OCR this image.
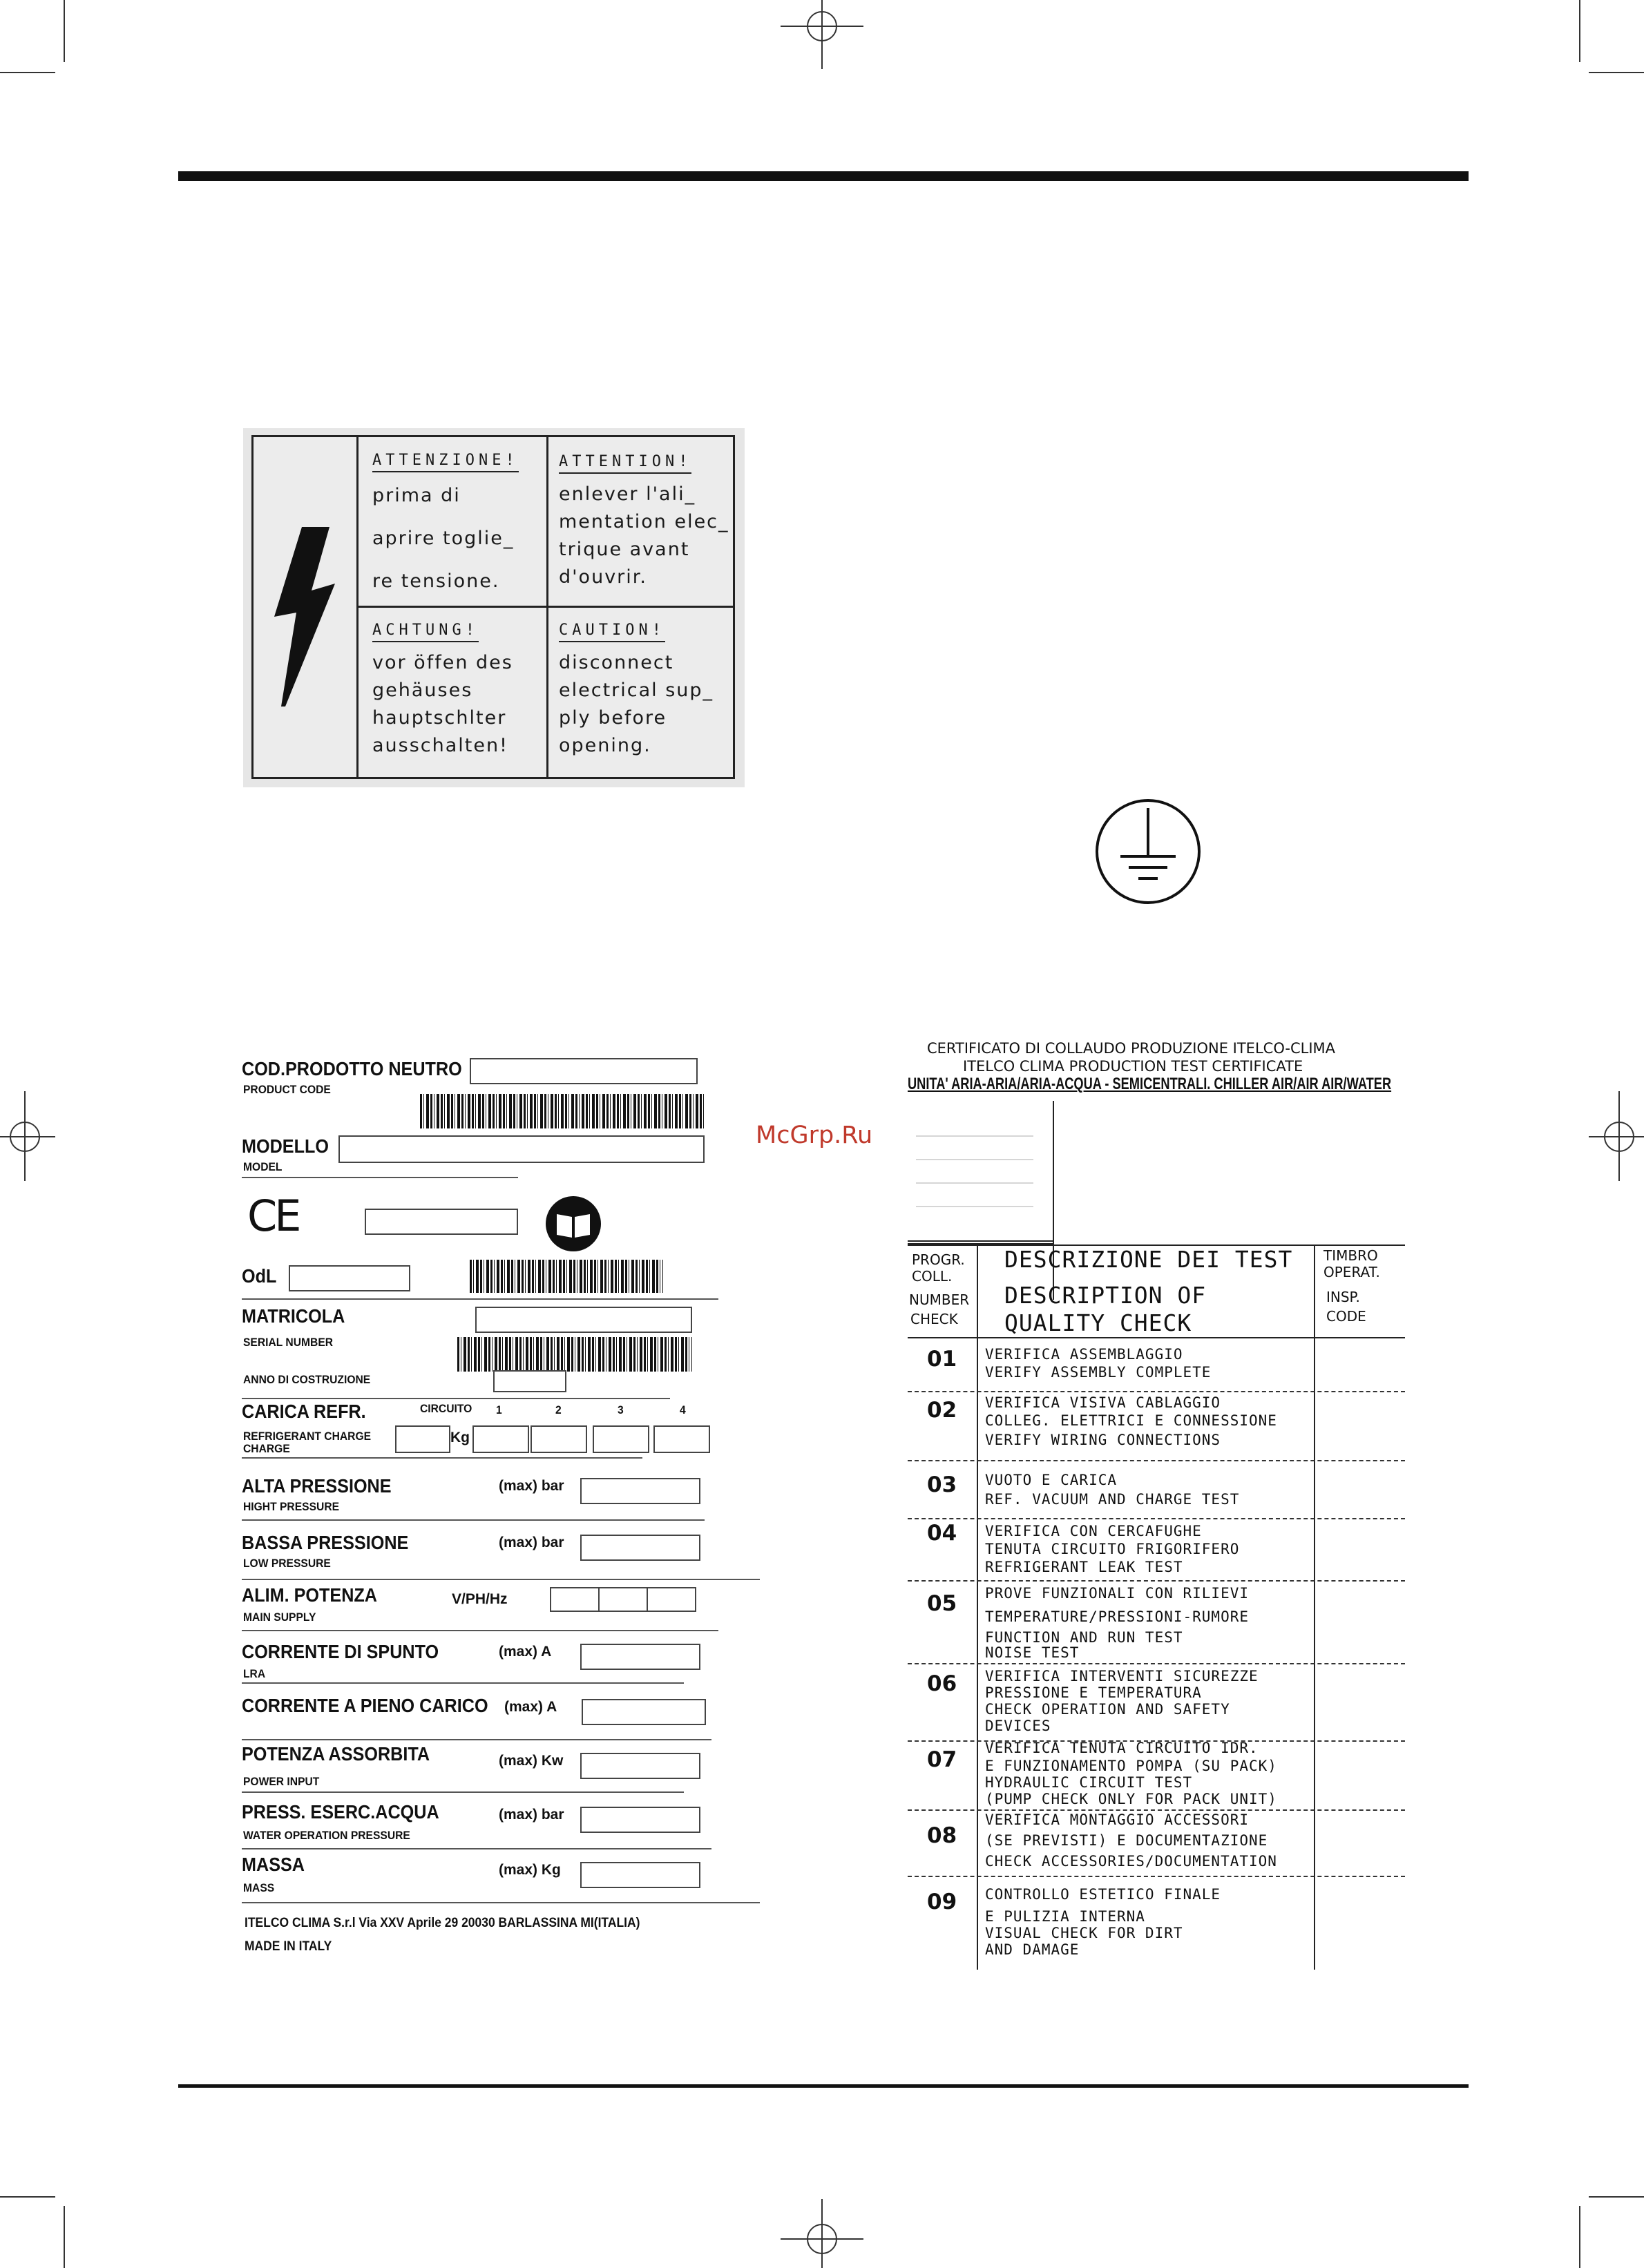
ATTENZIONE!
prima di
aprire toglie_
re tensione.
ATTENTION!
enlever l'ali_
mentation elec_
trique avant
d'ouvrir.
ACHTUNG!
vor öffen des
gehäuses
hauptschlter
ausschalten!
CAUTION!
disconnect
electrical sup_
ply before
opening.
COD.PRODOTTO NEUTRO
PRODUCT CODE
MODELLO
MODEL
CE
OdL
MATRICOLA
SERIAL NUMBER
ANNO DI COSTRUZIONE
CARICA REFR.	CIRCUITO 1	2	3	4
REFRIGERANT CHARGE
CHARGE
Kg
ALTA PRESSIONE
HIGHT PRESSURE
(max) bar
BASSA PRESSIONE
LOW PRESSURE
(max) bar
ALIM. POTENZA
MAIN SUPPLY
V/PH/Hz
CORRENTE DI SPUNTO
LRA
(max) A
CORRENTE A PIENO CARICO (max) A
POTENZA ASSORBITA
POWER INPUT
(max) Kw
PRESS. ESERC.ACQUA
WATER OPERATION PRESSURE
(max) bar
MASSA
MASS
(max) Kg
ITELCO CLIMA S.r.l Via XXV Aprile 29 20030 BARLASSINA MI(ITALIA)
MADE IN ITALY
McGrp.Ru
CERTIFICATO DI COLLAUDO PRODUZIONE ITELCO-CLIMA
ITELCO CLIMA PRODUCTION TEST CERTIFICATE
UNITA' ARIA-ARIA/ARIA-ACQUA - SEMICENTRALI. CHILLER AIR/AIR AIR/WATER
PROGR.
COLL.
NUMBER
CHECK
DESCRIZIONE DEI TEST
DESCRIPTION OF
QUALITY CHECK
TIMBRO
OPERAT.
INSP.
CODE
01 VERIFICA ASSEMBLAGGIO
VERIFY ASSEMBLY COMPLETE
02 VERIFICA VISIVA CABLAGGIO
COLLEG. ELETTRICI E CONNESSIONE
VERIFY WIRING CONNECTIONS
03 VUOTO E CARICA
REF. VACUUM AND CHARGE TEST
04 VERIFICA CON CERCAFUGHE
TENUTA CIRCUITO FRIGORIFERO
REFRIGERANT LEAK TEST
05 PROVE FUNZIONALI CON RILIEVI
TEMPERATURE/PRESSIONI-RUMORE
FUNCTION AND RUN TEST
NOISE TEST
06 VERIFICA INTERVENTI SICUREZZE
PRESSIONE E TEMPERATURA
CHECK OPERATION AND SAFETY
DEVICES
07 VERIFICA TENUTA CIRCUITO IDR.
E FUNZIONAMENTO POMPA (SU PACK)
HYDRAULIC CIRCUIT TEST
(PUMP CHECK ONLY FOR PACK UNIT)
08
VERIFICA MONTAGGIO ACCESSORI
(SE PREVISTI) E DOCUMENTAZIONE
CHECK ACCESSORIES/DOCUMENTATION
09 CONTROLLO ESTETICO FINALE
E PULIZIA INTERNA
VISUAL CHECK FOR DIRT
AND DAMAGE
